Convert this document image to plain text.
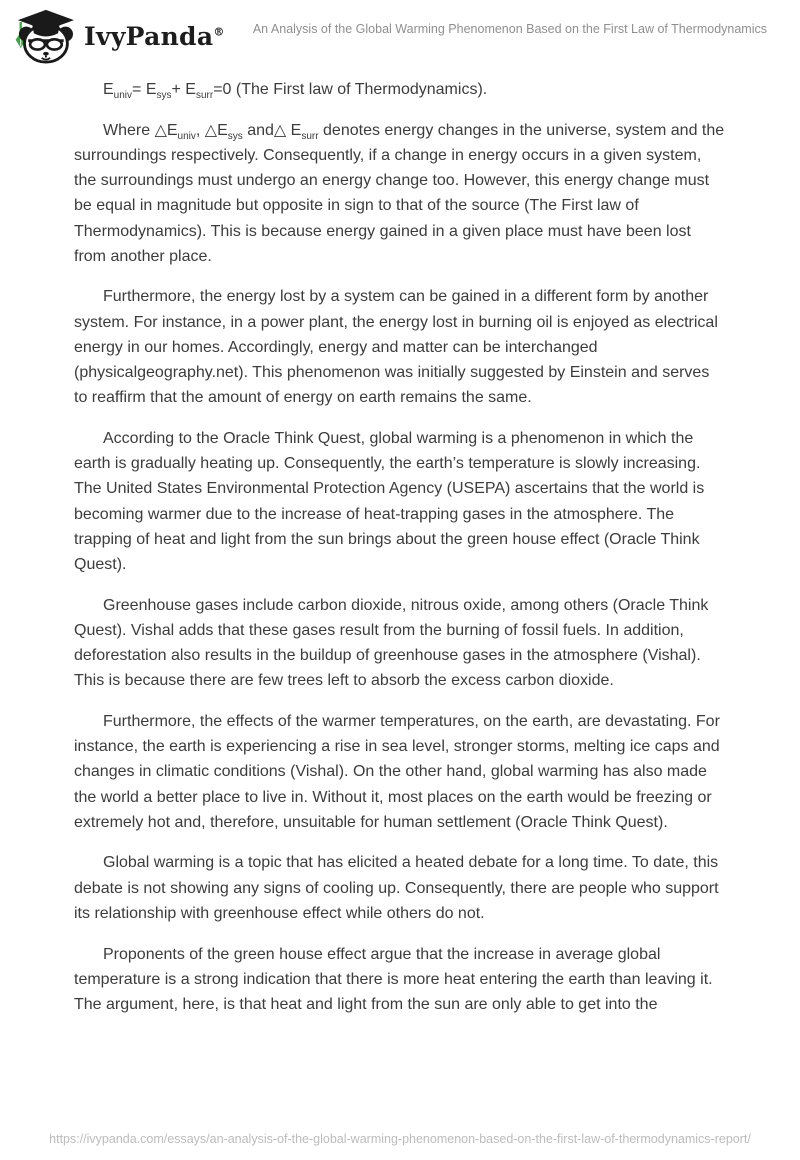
IvyPanda® An Analysis of the Global Warming Phenomenon Based on the First Law of Thermodynamics

$E_{univ}= E_{sys}+ E_{surr}=0$ (The First law of Thermodynamics).

Where $\triangle E_{univ}$, $\triangle E_{sys}$ and△ $E_{surr}$ denotes energy changes in the universe, system and the surroundings respectively. Consequently, if a change in energy occurs in a given system, the surroundings must undergo an energy change too. However, this energy change must be equal in magnitude but opposite in sign to that of the source (The First law of Thermodynamics). This is because energy gained in a given place must have been lost from another place.

Furthermore, the energy lost by a system can be gained in a different form by another system. For instance, in a power plant, the energy lost in burning oil is enjoyed as electrical energy in our homes. Accordingly, energy and matter can be interchanged (physicalgeography.net). This phenomenon was initially suggested by Einstein and serves to reaffirm that the amount of energy on earth remains the same.

According to the Oracle Think Quest, global warming is a phenomenon in which the earth is gradually heating up. Consequently, the earth’s temperature is slowly increasing. The United States Environmental Protection Agency (USEPA) ascertains that the world is becoming warmer due to the increase of heat-trapping gases in the atmosphere. The trapping of heat and light from the sun brings about the green house effect (Oracle Think Quest).

Greenhouse gases include carbon dioxide, nitrous oxide, among others (Oracle Think Quest). Vishal adds that these gases result from the burning of fossil fuels. In addition, deforestation also results in the buildup of greenhouse gases in the atmosphere (Vishal). This is because there are few trees left to absorb the excess carbon dioxide.

Furthermore, the effects of the warmer temperatures, on the earth, are devastating. For instance, the earth is experiencing a rise in sea level, stronger storms, melting ice caps and changes in climatic conditions (Vishal). On the other hand, global warming has also made the world a better place to live in. Without it, most places on the earth would be freezing or extremely hot and, therefore, unsuitable for human settlement (Oracle Think Quest).

Global warming is a topic that has elicited a heated debate for a long time. To date, this debate is not showing any signs of cooling up. Consequently, there are people who support its relationship with greenhouse effect while others do not.

Proponents of the green house effect argue that the increase in average global temperature is a strong indication that there is more heat entering the earth than leaving it. The argument, here, is that heat and light from the sun are only able to get into the

https://ivypanda.com/essays/an-analysis-of-the-global-warming-phenomenon-based-on-the-first-law-of-thermodynamics-report/
